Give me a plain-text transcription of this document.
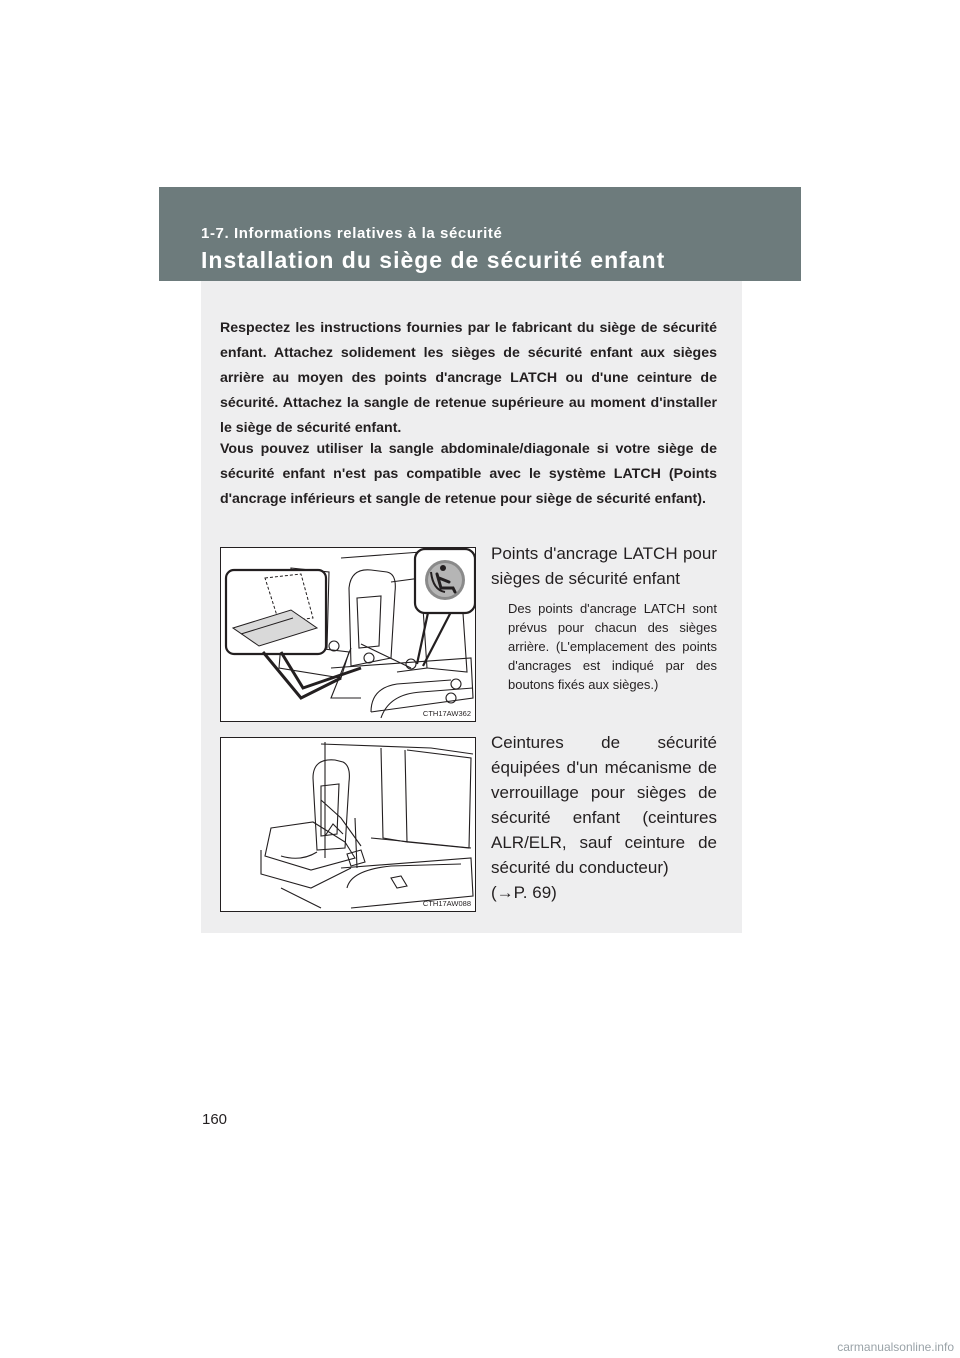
1-7. Informations relatives à la sécurité
Installation du siège de sécurité enfant

Respectez les instructions fournies par le fabricant du siège de sécurité enfant. Attachez solidement les sièges de sécurité enfant aux sièges arrière au moyen des points d'ancrage LATCH ou d'une ceinture de sécurité. Attachez la sangle de retenue supérieure au moment d'installer le siège de sécurité enfant.

Vous pouvez utiliser la sangle abdominale/diagonale si votre siège de sécurité enfant n'est pas compatible avec le système LATCH (Points d'ancrage inférieurs et sangle de retenue pour siège de sécurité enfant).

CTH17AW362
Points d'ancrage LATCH pour sièges de sécurité enfant
Des points d'ancrage LATCH sont prévus pour chacun des sièges arrière. (L'emplacement des points d'ancrages est indiqué par des boutons fixés aux sièges.)
CTH17AW088
Ceintures de sécurité équipées d'un mécanisme de verrouillage pour sièges de sécurité enfant (ceintures ALR/ELR, sauf ceinture de sécurité du conducteur)
(→P. 69)
160
carmanualsonline.info
